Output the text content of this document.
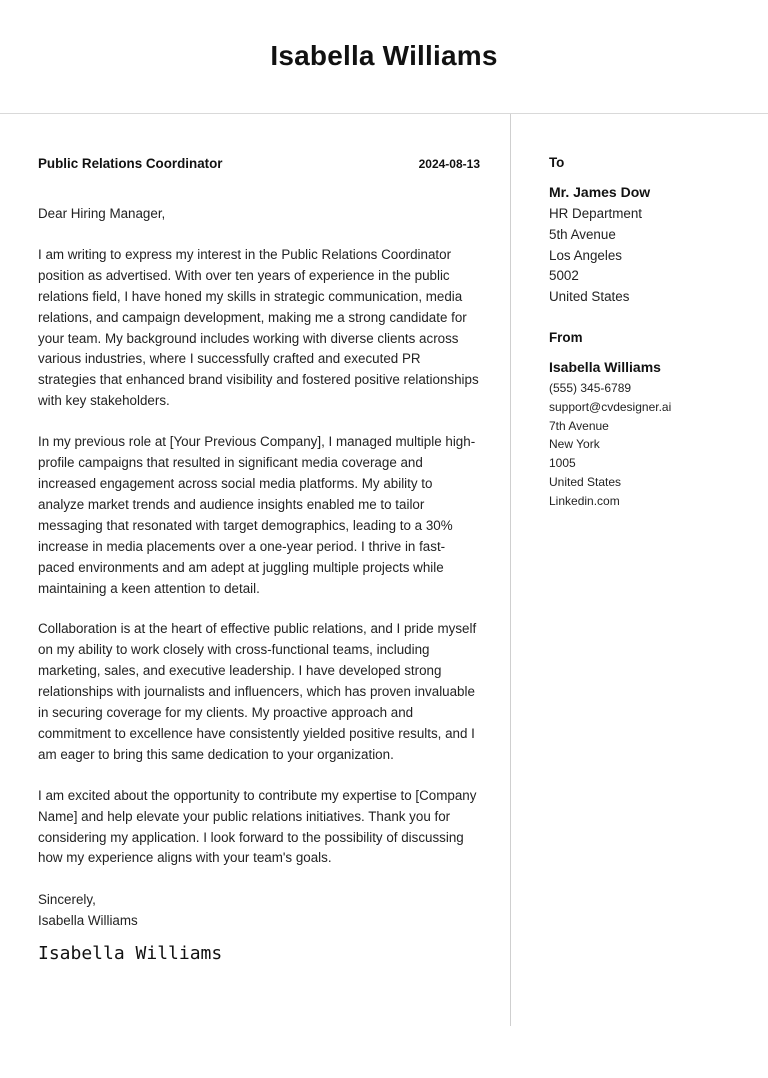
Isabella Williams
Public Relations Coordinator	2024-08-13
Dear Hiring Manager,
I am writing to express my interest in the Public Relations Coordinator position as advertised. With over ten years of experience in the public relations field, I have honed my skills in strategic communication, media relations, and campaign development, making me a strong candidate for your team. My background includes working with diverse clients across various industries, where I successfully crafted and executed PR strategies that enhanced brand visibility and fostered positive relationships with key stakeholders.
In my previous role at [Your Previous Company], I managed multiple high-profile campaigns that resulted in significant media coverage and increased engagement across social media platforms. My ability to analyze market trends and audience insights enabled me to tailor messaging that resonated with target demographics, leading to a 30% increase in media placements over a one-year period. I thrive in fast-paced environments and am adept at juggling multiple projects while maintaining a keen attention to detail.
Collaboration is at the heart of effective public relations, and I pride myself on my ability to work closely with cross-functional teams, including marketing, sales, and executive leadership. I have developed strong relationships with journalists and influencers, which has proven invaluable in securing coverage for my clients. My proactive approach and commitment to excellence have consistently yielded positive results, and I am eager to bring this same dedication to your organization.
I am excited about the opportunity to contribute my expertise to [Company Name] and help elevate your public relations initiatives. Thank you for considering my application. I look forward to the possibility of discussing how my experience aligns with your team's goals.
Sincerely,
Isabella Williams
Isabella Williams
To
Mr. James Dow
HR Department
5th Avenue
Los Angeles
5002
United States
From
Isabella Williams
(555) 345-6789
support@cvdesigner.ai
7th Avenue
New York
1005
United States
Linkedin.com
